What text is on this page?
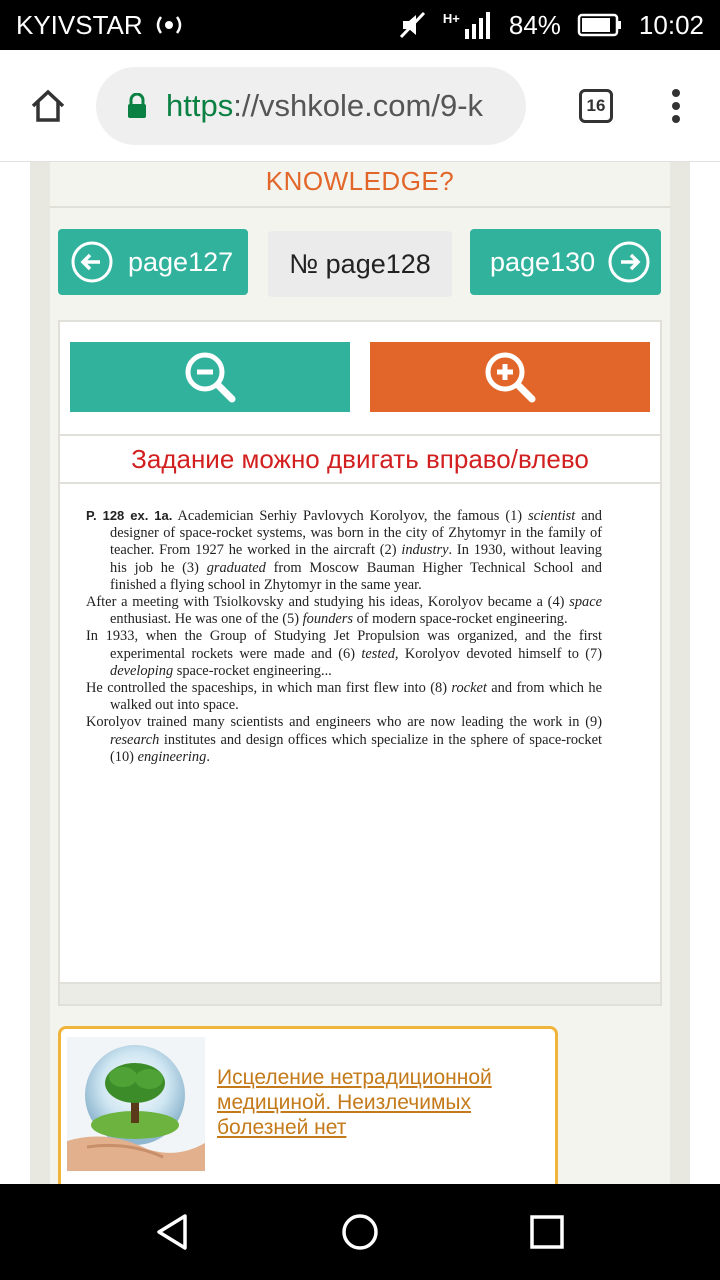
KYIVSTAR	H+ 84%	10:02
https ://vshkole.com/9-k	16
KNOWLEDGE?
page127	№ page128	page130
Задание можно двигать вправо/влево

P. 128 ex. 1a. Academician Serhiy Pavlovych Korolyov, the famous (1) scientist and designer of space-rocket systems, was born in the city of Zhytomyr in the family of teacher. From 1927 he worked in the aircraft (2) industry. In 1930, without leaving his job he (3) graduated from Moscow Bauman Higher Technical School and finished a flying school in Zhytomyr in the same year.

After a meeting with Tsiolkovsky and studying his ideas, Korolyov became a (4) space enthusiast. He was one of the (5) founders of modern space-rocket engineering.

In 1933, when the Group of Studying Jet Propulsion was organized, and the first experimental rockets were made and (6) tested, Korolyov devoted himself to (7) developing space-rocket engineering...

He controlled the spaceships, in which man first flew into (8) rocket and from which he walked out into space.

Korolyov trained many scientists and engineers who are now leading the work in (9) research institutes and design offices which specialize in the sphere of space-rocket (10) engineering.

Исцеление нетрадиционной медициной. Неизлечимых болезней нет
